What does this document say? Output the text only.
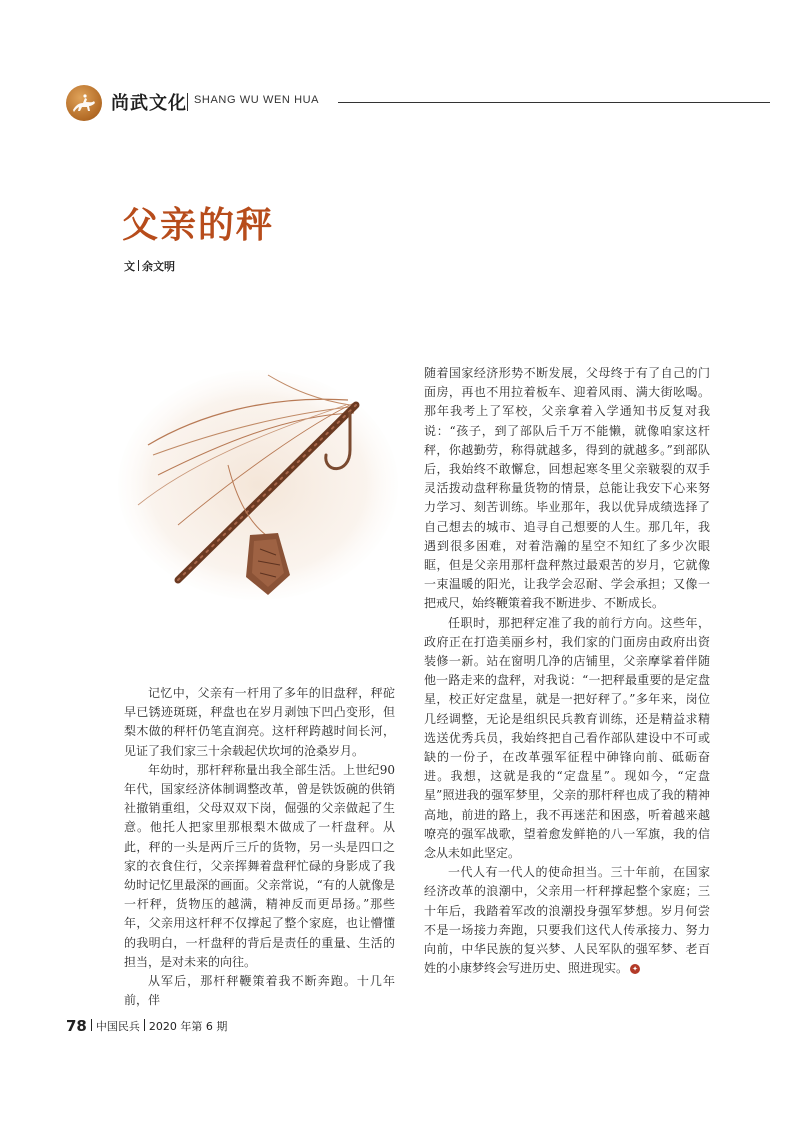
尚武文化 SHANG WU WEN HUA
父亲的秤
文 余文明

记忆中，父亲有一杆用了多年的旧盘秤，秤砣早已锈迹斑斑，秤盘也在岁月剥蚀下凹凸变形，但梨木做的秤杆仍笔直润亮。这杆秤跨越时间长河，见证了我们家三十余载起伏坎坷的沧桑岁月。

年幼时，那杆秤称量出我全部生活。上世纪90年代，国家经济体制调整改革，曾是铁饭碗的供销社撤销重组，父母双双下岗，倔强的父亲做起了生意。他托人把家里那根梨木做成了一杆盘秤。从此，秤的一头是两斤三斤的货物，另一头是四口之家的衣食住行，父亲挥舞着盘秤忙碌的身影成了我幼时记忆里最深的画面。父亲常说，“有的人就像是一杆秤，货物压的越满，精神反而更昂扬。”那些年，父亲用这杆秤不仅撑起了整个家庭，也让懵懂的我明白，一杆盘秤的背后是责任的重量、生活的担当，是对未来的向往。

从军后，那杆秤鞭策着我不断奔跑。十几年前，伴

随着国家经济形势不断发展，父母终于有了自己的门面房，再也不用拉着板车、迎着风雨、满大街吆喝。那年我考上了军校，父亲拿着入学通知书反复对我说：“孩子，到了部队后千万不能懒，就像咱家这杆秤，你越勤劳，称得就越多，得到的就越多。”到部队后，我始终不敢懈怠，回想起寒冬里父亲皲裂的双手灵活拨动盘秤称量货物的情景，总能让我安下心来努力学习、刻苦训练。毕业那年，我以优异成绩选择了自己想去的城市、追寻自己想要的人生。那几年，我遇到很多困难，对着浩瀚的星空不知红了多少次眼眶，但是父亲用那杆盘秤熬过最艰苦的岁月，它就像一束温暖的阳光，让我学会忍耐、学会承担；又像一把戒尺，始终鞭策着我不断进步、不断成长。

任职时，那把秤定准了我的前行方向。这些年，政府正在打造美丽乡村，我们家的门面房由政府出资装修一新。站在窗明几净的店铺里，父亲摩挲着伴随他一路走来的盘秤，对我说：“一把秤最重要的是定盘星，校正好定盘星，就是一把好秤了。”多年来，岗位几经调整，无论是组织民兵教育训练，还是精益求精选送优秀兵员，我始终把自己看作部队建设中不可或缺的一份子，在改革强军征程中砷锋向前、砥砺奋进。我想，这就是我的“定盘星”。现如今，“定盘星”照进我的强军梦里，父亲的那杆秤也成了我的精神高地，前进的路上，我不再迷茫和困惑，听着越来越嘹亮的强军战歌，望着愈发鲜艳的八一军旗，我的信念从未如此坚定。

一代人有一代人的使命担当。三十年前，在国家经济改革的浪潮中，父亲用一杆秤撑起整个家庭；三十年后，我踏着军改的浪潮投身强军梦想。岁月何尝不是一场接力奔跑，只要我们这代人传承接力、努力向前，中华民族的复兴梦、人民军队的强军梦、老百姓的小康梦终会写进历史、照进现实。 ✦

78 中国民兵 2020 年第 6 期
